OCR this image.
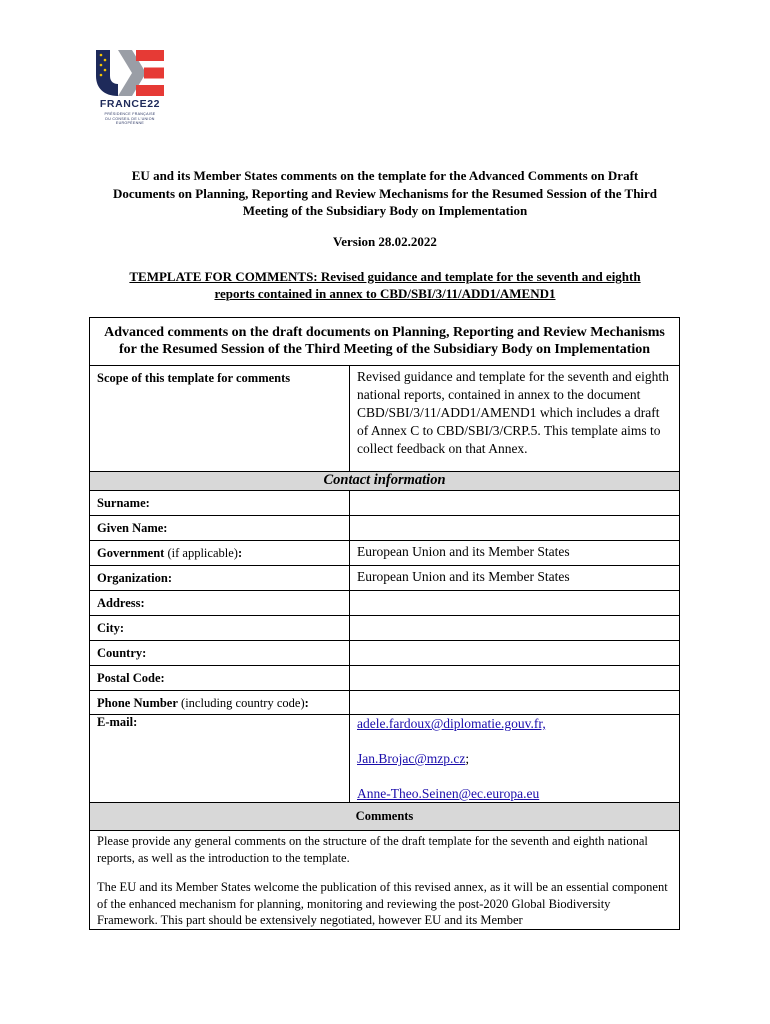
FRANCE22
PRÉSIDENCE FRANÇAISE
DU CONSEIL DE L'UNION
EUROPÉENNE
EU and its Member States comments on the template for the Advanced Comments on Draft
Documents on Planning, Reporting and Review Mechanisms for the Resumed Session of the Third
Meeting of the Subsidiary Body on Implementation
Version 28.02.2022
TEMPLATE FOR COMMENTS: Revised guidance and template for the seventh and eighth
reports contained in annex to CBD/SBI/3/11/ADD1/AMEND1
Advanced comments on the draft documents on Planning, Reporting and Review Mechanisms
for the Resumed Session of the Third Meeting of the Subsidiary Body on Implementation
Scope of this template for comments	Revised guidance and template for the seventh and eighth national reports, contained in annex to the document CBD/SBI/3/11/ADD1/AMEND1 which includes a draft of Annex C to CBD/SBI/3/CRP.5. This template aims to collect feedback on that Annex.
Contact information
Surname:
Given Name:
Government (if applicable):	European Union and its Member States
Organization:	European Union and its Member States
Address:
City:
Country:
Postal Code:
Phone Number (including country code):
E-mail:	adele.fardoux@diplomatie.gouv.fr,
Jan.Brojac@mzp.cz;
Anne-Theo.Seinen@ec.europa.eu
Comments

Please provide any general comments on the structure of the draft template for the seventh and eighth national reports, as well as the introduction to the template.

The EU and its Member States welcome the publication of this revised annex, as it will be an essential component of the enhanced mechanism for planning, monitoring and reviewing the post-2020 Global Biodiversity Framework. This part should be extensively negotiated, however EU and its Member
